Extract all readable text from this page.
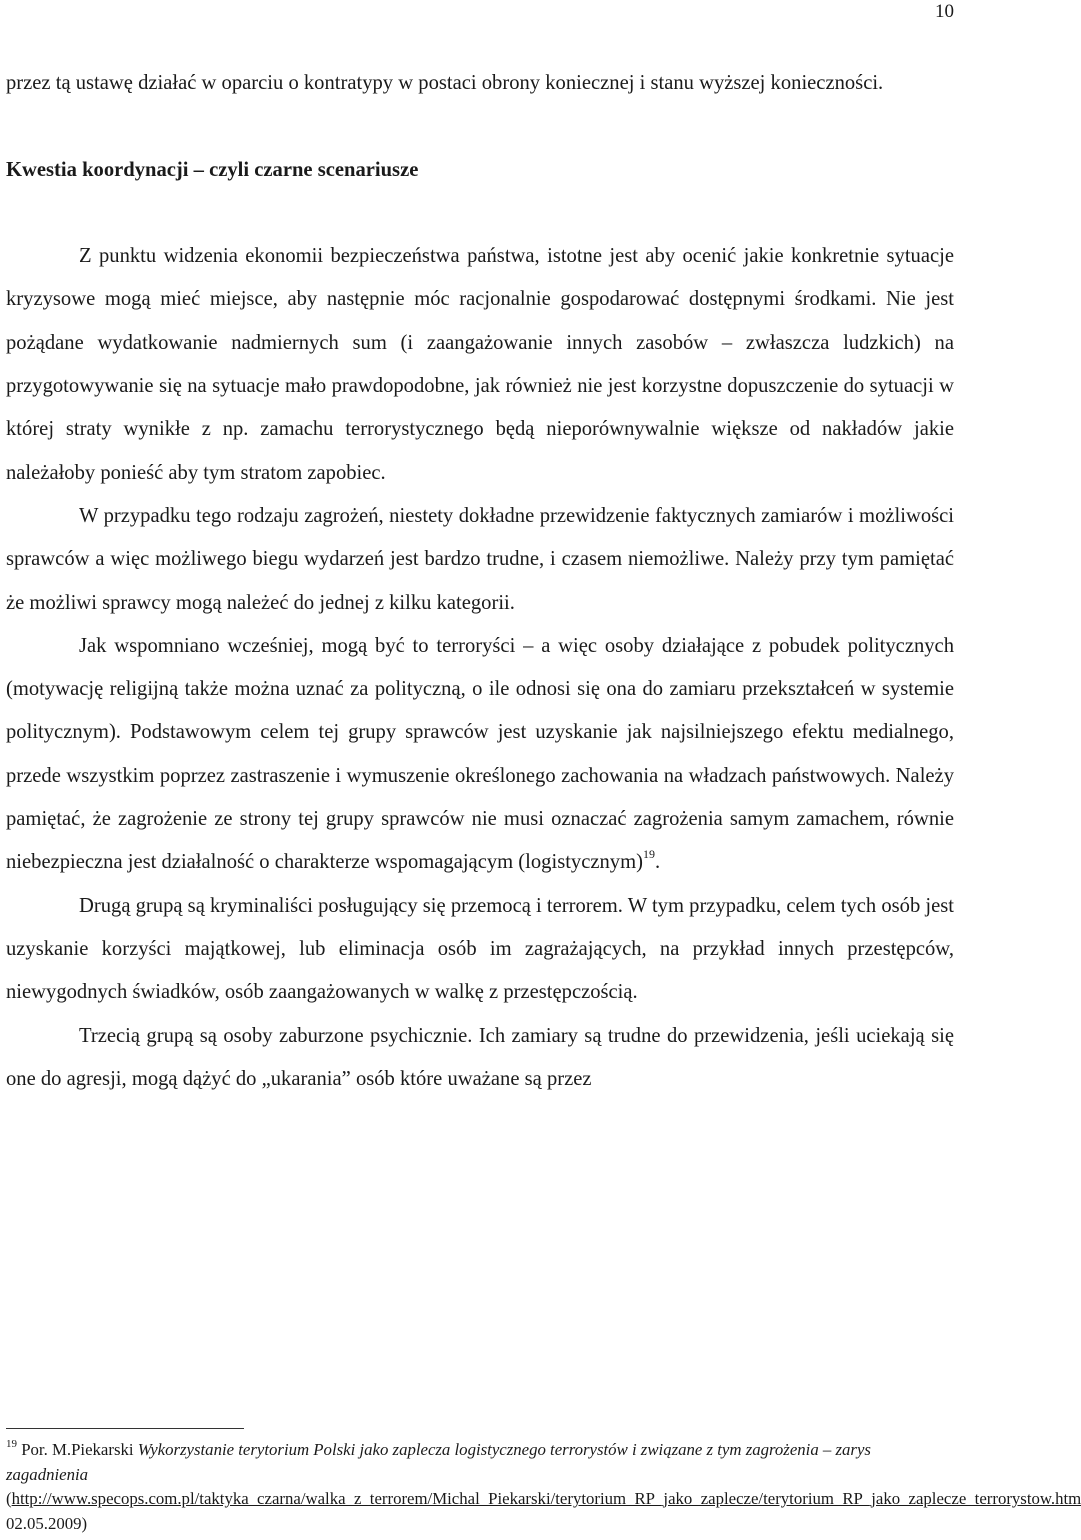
10

przez tą ustawę działać w oparciu o kontratypy w postaci obrony koniecznej i stanu wyższej konieczności.

Kwestia koordynacji – czyli czarne scenariusze

Z punktu widzenia ekonomii bezpieczeństwa państwa, istotne jest aby ocenić jakie konkretnie sytuacje kryzysowe mogą mieć miejsce, aby następnie móc racjonalnie gospodarować dostępnymi środkami. Nie jest pożądane wydatkowanie nadmiernych sum (i zaangażowanie innych zasobów – zwłaszcza ludzkich) na przygotowywanie się na sytuacje mało prawdopodobne, jak również nie jest korzystne dopuszczenie do sytuacji w której straty wynikłe z np. zamachu terrorystycznego będą nieporównywalnie większe od nakładów jakie należałoby ponieść aby tym stratom zapobiec.

W przypadku tego rodzaju zagrożeń, niestety dokładne przewidzenie faktycznych zamiarów i możliwości sprawców a więc możliwego biegu wydarzeń jest bardzo trudne, i czasem niemożliwe. Należy przy tym pamiętać że możliwi sprawcy mogą należeć do jednej z kilku kategorii.

Jak wspomniano wcześniej, mogą być to terroryści – a więc osoby działające z pobudek politycznych (motywację religijną także można uznać za polityczną, o ile odnosi się ona do zamiaru przekształceń w systemie politycznym). Podstawowym celem tej grupy sprawców jest uzyskanie jak najsilniejszego efektu medialnego, przede wszystkim poprzez zastraszenie i wymuszenie określonego zachowania na władzach państwowych. Należy pamiętać, że zagrożenie ze strony tej grupy sprawców nie musi oznaczać zagrożenia samym zamachem, równie niebezpieczna jest działalność o charakterze wspomagającym (logistycznym)$^{19}$.

Drugą grupą są kryminaliści posługujący się przemocą i terrorem. W tym przypadku, celem tych osób jest uzyskanie korzyści majątkowej, lub eliminacja osób im zagrażających, na przykład innych przestępców, niewygodnych świadków, osób zaangażowanych w walkę z przestępczością.

Trzecią grupą są osoby zaburzone psychicznie. Ich zamiary są trudne do przewidzenia, jeśli uciekają się one do agresji, mogą dążyć do „ukarania” osób które uważane są przez

$^{19}$ Por. M.Piekarski Wykorzystanie terytorium Polski jako zaplecza logistycznego terrorystów i związane z tym zagrożenia – zarys zagadnienia (http://www.specops.com.pl/taktyka_czarna/walka_z_terrorem/Michal_Piekarski/terytorium_RP_jako_zaplecze/terytorium_RP_jako_zaplecze_terrorystow.htm 02.05.2009)
